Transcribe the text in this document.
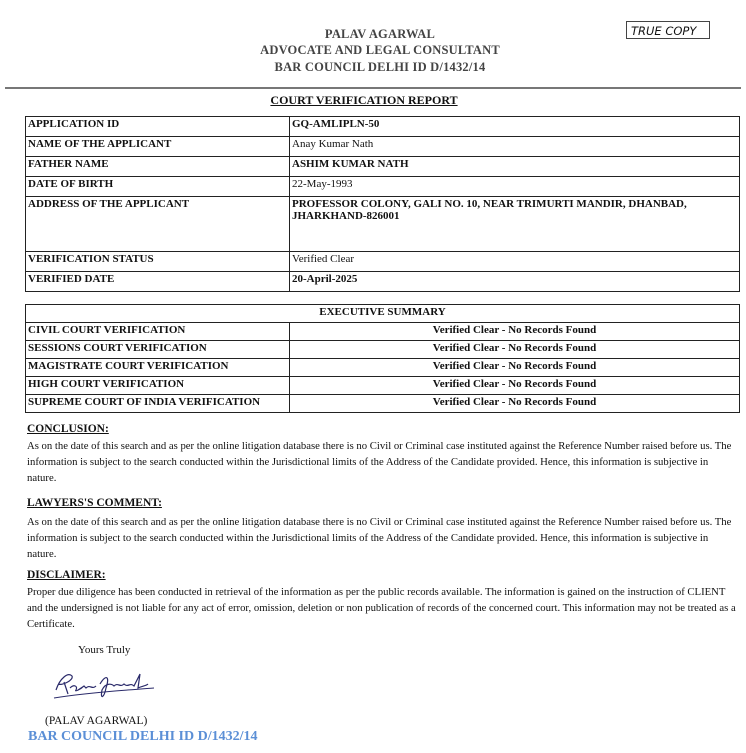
PALAV AGARWAL
ADVOCATE AND LEGAL CONSULTANT
BAR COUNCIL DELHI ID D/1432/14
TRUE COPY
COURT VERIFICATION REPORT
APPLICATION ID	GQ-AMLIPLN-50
NAME OF THE APPLICANT	Anay Kumar Nath
FATHER NAME	ASHIM KUMAR NATH
DATE OF BIRTH	22-May-1993
ADDRESS OF THE APPLICANT	PROFESSOR COLONY, GALI NO. 10, NEAR TRIMURTI MANDIR, DHANBAD, JHARKHAND-826001
VERIFICATION STATUS	Verified Clear
VERIFIED DATE	20-April-2025
EXECUTIVE SUMMARY	
CIVIL COURT VERIFICATION	Verified Clear - No Records Found
SESSIONS COURT VERIFICATION	Verified Clear - No Records Found
MAGISTRATE COURT VERIFICATION	Verified Clear - No Records Found
HIGH COURT VERIFICATION	Verified Clear - No Records Found
SUPREME COURT OF INDIA VERIFICATION	Verified Clear - No Records Found
CONCLUSION:
As on the date of this search and as per the online litigation database there is no Civil or Criminal case instituted against the Reference Number raised before us. The information is subject to the search conducted within the Jurisdictional limits of the Address of the Candidate provided. Hence, this information is subjective in nature.
LAWYERS'S COMMENT:
As on the date of this search and as per the online litigation database there is no Civil or Criminal case instituted against the Reference Number raised before us. The information is subject to the search conducted within the Jurisdictional limits of the Address of the Candidate provided. Hence, this information is subjective in nature.
DISCLAIMER:
Proper due diligence has been conducted in retrieval of the information as per the public records available. The information is gained on the instruction of CLIENT and the undersigned is not liable for any act of error, omission, deletion or non publication of records of the concerned court. This information may not be treated as a Certificate.
Yours Truly
(PALAV AGARWAL)
BAR COUNCIL DELHI ID D/1432/14
